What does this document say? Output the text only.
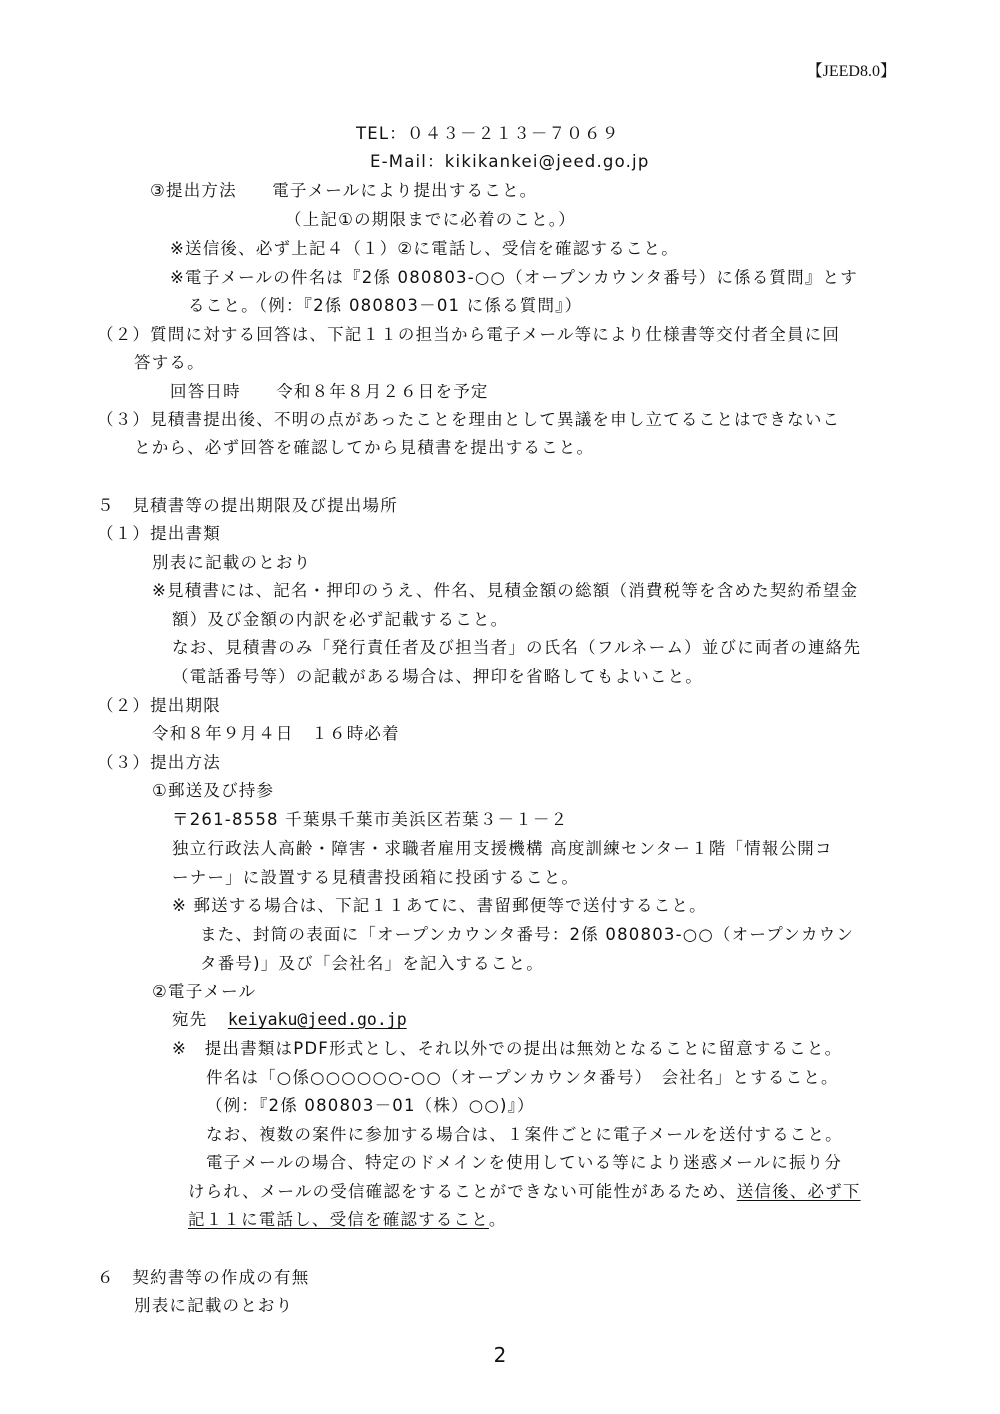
【JEED8.0】
TEL：０４３－２１３－７０６９
E-Mail：kikikankei@jeed.go.jp
③提出方法　　電子メールにより提出すること。
（上記①の期限までに必着のこと。）
※送信後、必ず上記４（１）②に電話し、受信を確認すること。
※電子メールの件名は『2係 080803-○○（オープンカウンタ番号）に係る質問』とす
ること。（例：『2係 080803－01 に係る質問』）
（２）質問に対する回答は、下記１１の担当から電子メール等により仕様書等交付者全員に回
答する。
回答日時　　令和８年８月２６日を予定
（３）見積書提出後、不明の点があったことを理由として異議を申し立てることはできないこ
とから、必ず回答を確認してから見積書を提出すること。
５　見積書等の提出期限及び提出場所
（１）提出書類
別表に記載のとおり
※見積書には、記名・押印のうえ、件名、見積金額の総額（消費税等を含めた契約希望金
額）及び金額の内訳を必ず記載すること。
なお、見積書のみ「発行責任者及び担当者」の氏名（フルネーム）並びに両者の連絡先
（電話番号等）の記載がある場合は、押印を省略してもよいこと。
（２）提出期限
令和８年９月４日　１６時必着
（３）提出方法
①郵送及び持参
〒261-8558 千葉県千葉市美浜区若葉３－１－２
独立行政法人高齢・障害・求職者雇用支援機構 高度訓練センター１階「情報公開コ
ーナー」に設置する見積書投函箱に投函すること。
※ 郵送する場合は、下記１１あてに、書留郵便等で送付すること。
また、封筒の表面に「オープンカウンタ番号：2係 080803-○○（オープンカウン
タ番号)」及び「会社名」を記入すること。
②電子メール
宛先 keiyaku@jeed.go.jp
※　提出書類はPDF形式とし、それ以外での提出は無効となることに留意すること。
件名は「○係○○○○○○-○○（オープンカウンタ番号）　会社名」とすること。
（例：『2係 080803－01（株）○○)』）
なお、複数の案件に参加する場合は、１案件ごとに電子メールを送付すること。
電子メールの場合、特定のドメインを使用している等により迷惑メールに振り分
けられ、メールの受信確認をすることができない可能性があるため、送信後、必ず下
記１１に電話し、受信を確認すること。
６　契約書等の作成の有無
別表に記載のとおり
2
